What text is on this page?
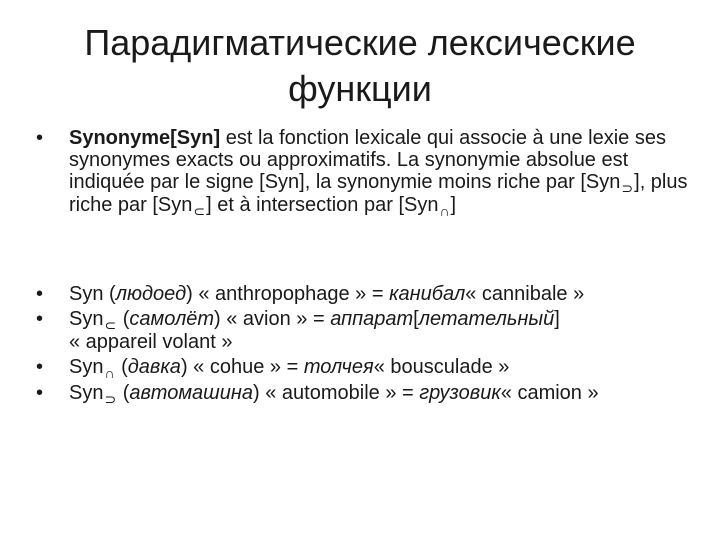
Парадигматические лексические
функции
• Synonyme[Syn] est la fonction lexicale qui associe à une lexie ses synonymes exacts ou approximatifs. La synonymie absolue est indiquée par le signe [Syn], la synonymie moins riche par [Syn$_⊃$], plus riche par [Syn$_\subset$] et à intersection par [Syn$_\cap$]
• Syn (людоед) « anthropophage » = канибал« cannibale »
• Syn$_\subset$ (самолёт) « avion » = аппарат[летательный]
« appareil volant »
• Syn$_\cap$ (давка) « cohue » = толчея« bousculade »
• Syn$_⊃$ (автомашина) « automobile » = грузовик« camion »
